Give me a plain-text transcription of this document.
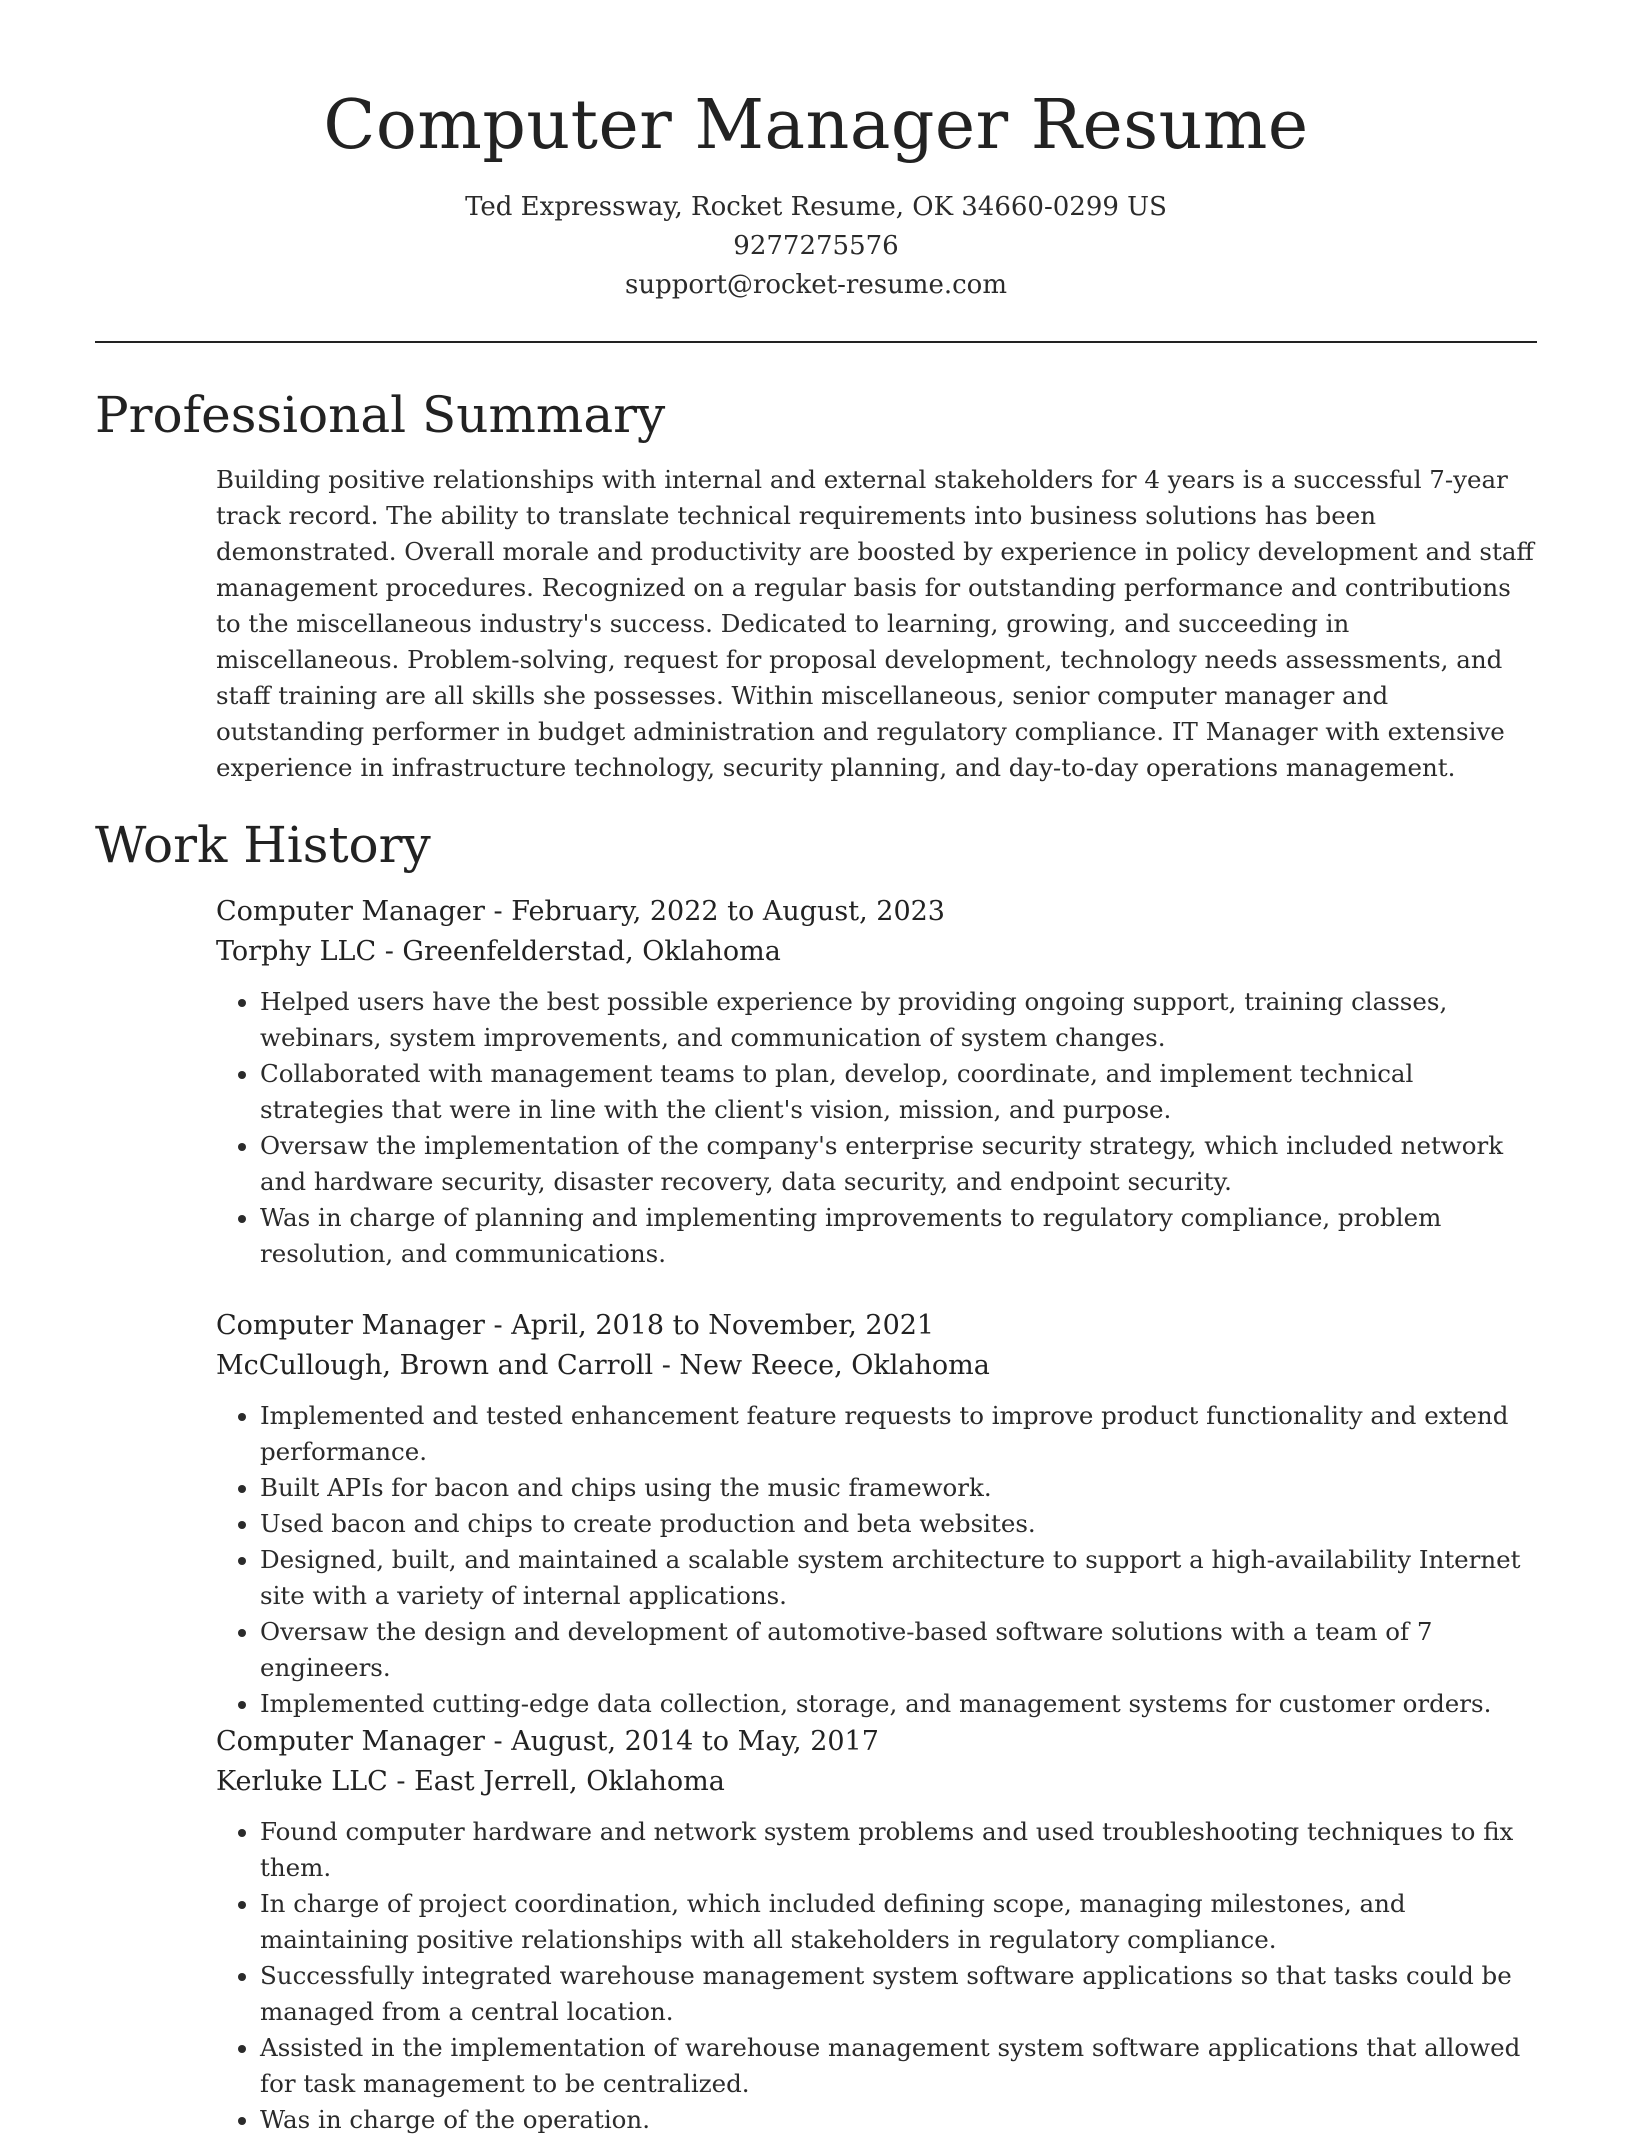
Computer Manager Resume
Ted Expressway, Rocket Resume, OK 34660-0299 US
9277275576
support@rocket-resume.com
Professional Summary
Building positive relationships with internal and external stakeholders for 4 years is a successful 7-year track record. The ability to translate technical requirements into business solutions has been demonstrated. Overall morale and productivity are boosted by experience in policy development and staff management procedures. Recognized on a regular basis for outstanding performance and contributions to the miscellaneous industry's success. Dedicated to learning, growing, and succeeding in miscellaneous. Problem-solving, request for proposal development, technology needs assessments, and staff training are all skills she possesses. Within miscellaneous, senior computer manager and outstanding performer in budget administration and regulatory compliance. IT Manager with extensive experience in infrastructure technology, security planning, and day-to-day operations management.
Work History
Computer Manager - February, 2022 to August, 2023
Torphy LLC - Greenfelderstad, Oklahoma
• Helped users have the best possible experience by providing ongoing support, training classes, webinars, system improvements, and communication of system changes.
• Collaborated with management teams to plan, develop, coordinate, and implement technical strategies that were in line with the client's vision, mission, and purpose.
• Oversaw the implementation of the company's enterprise security strategy, which included network and hardware security, disaster recovery, data security, and endpoint security.
• Was in charge of planning and implementing improvements to regulatory compliance, problem resolution, and communications.
Computer Manager - April, 2018 to November, 2021
McCullough, Brown and Carroll - New Reece, Oklahoma
• Implemented and tested enhancement feature requests to improve product functionality and extend performance.
• Built APIs for bacon and chips using the music framework.
• Used bacon and chips to create production and beta websites.
• Designed, built, and maintained a scalable system architecture to support a high-availability Internet site with a variety of internal applications.
• Oversaw the design and development of automotive-based software solutions with a team of 7 engineers.
• Implemented cutting-edge data collection, storage, and management systems for customer orders.
Computer Manager - August, 2014 to May, 2017
Kerluke LLC - East Jerrell, Oklahoma
• Found computer hardware and network system problems and used troubleshooting techniques to fix them.
• In charge of project coordination, which included defining scope, managing milestones, and maintaining positive relationships with all stakeholders in regulatory compliance.
• Successfully integrated warehouse management system software applications so that tasks could be managed from a central location.
• Assisted in the implementation of warehouse management system software applications that allowed for task management to be centralized.
• Was in charge of the operation.
